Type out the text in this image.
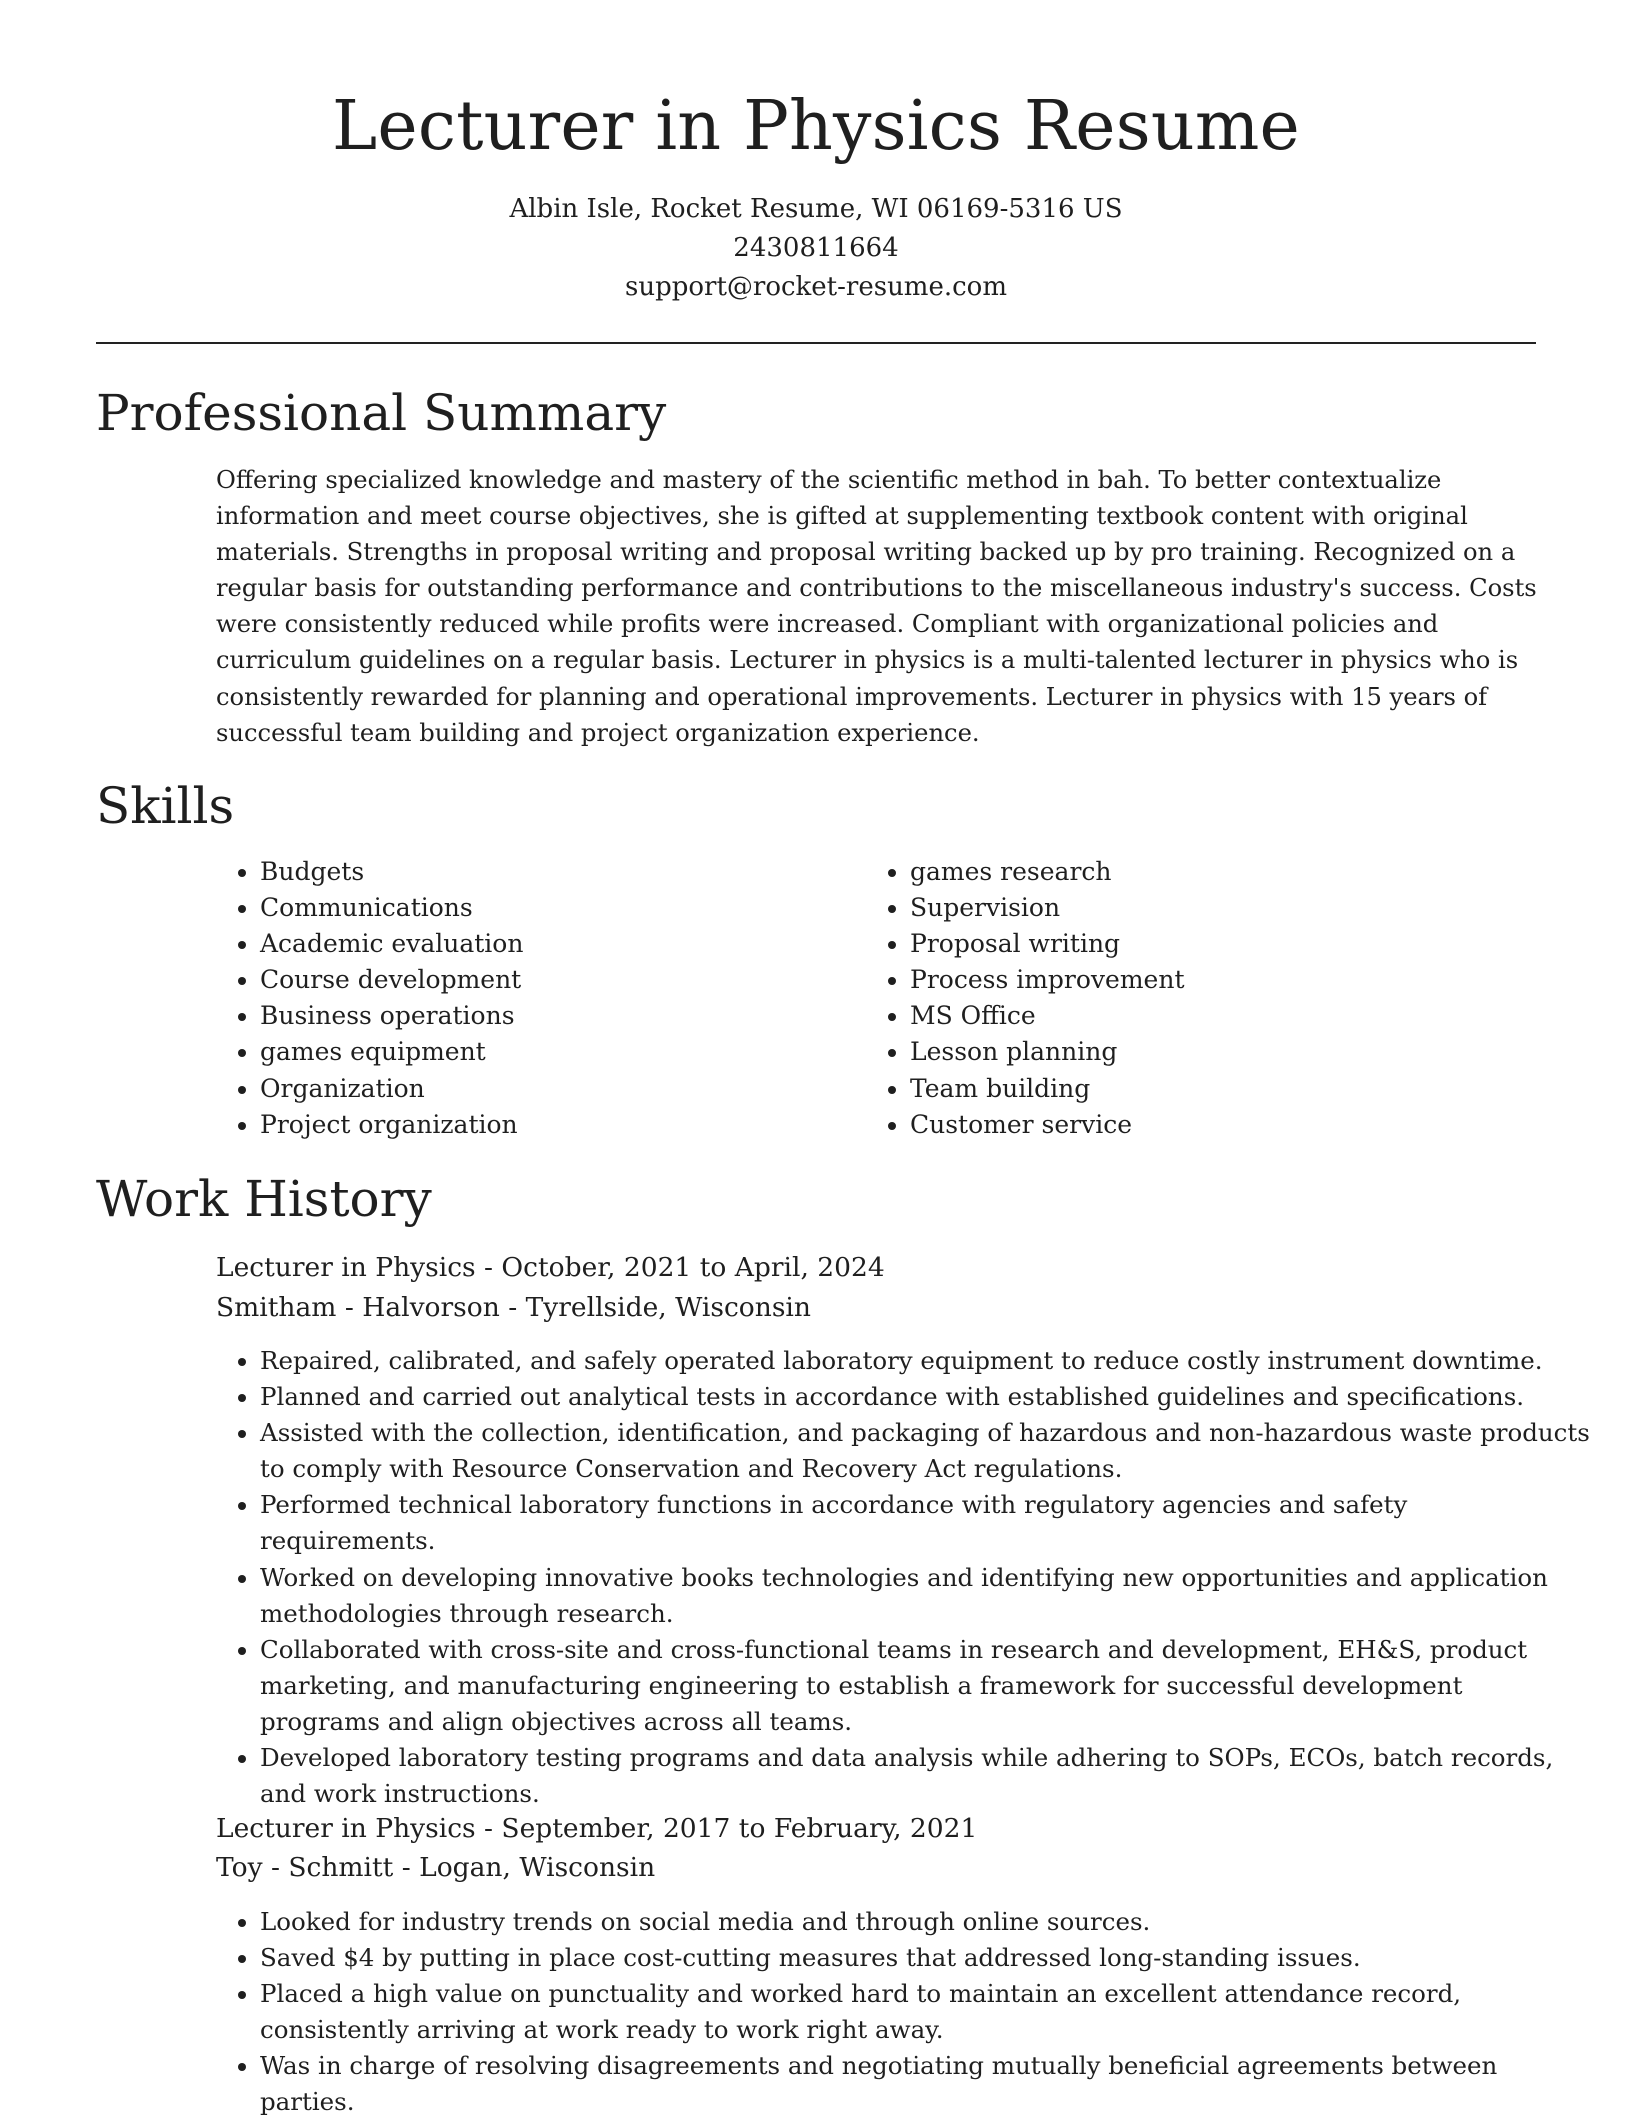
Lecturer in Physics Resume
Albin Isle, Rocket Resume, WI 06169-5316 US
2430811664
support@rocket-resume.com
Professional Summary

Offering specialized knowledge and mastery of the scientific method in bah. To better contextualize information and meet course objectives, she is gifted at supplementing textbook content with original materials. Strengths in proposal writing and proposal writing backed up by pro training. Recognized on a regular basis for outstanding performance and contributions to the miscellaneous industry's success. Costs were consistently reduced while profits were increased. Compliant with organizational policies and curriculum guidelines on a regular basis. Lecturer in physics is a multi-talented lecturer in physics who is consistently rewarded for planning and operational improvements. Lecturer in physics with 15 years of successful team building and project organization experience.

Skills
• Budgets
• Communications
• Academic evaluation
• Course development
• Business operations
• games equipment
• Organization
• Project organization
• games research
• Supervision
• Proposal writing
• Process improvement
• MS Office
• Lesson planning
• Team building
• Customer service
Work History
Lecturer in Physics - October, 2021 to April, 2024
Smitham - Halvorson - Tyrellside, Wisconsin
• Repaired, calibrated, and safely operated laboratory equipment to reduce costly instrument downtime.
• Planned and carried out analytical tests in accordance with established guidelines and specifications.
• Assisted with the collection, identification, and packaging of hazardous and non-hazardous waste products to comply with Resource Conservation and Recovery Act regulations.
• Performed technical laboratory functions in accordance with regulatory agencies and safety requirements.
• Worked on developing innovative books technologies and identifying new opportunities and application methodologies through research.
• Collaborated with cross-site and cross-functional teams in research and development, EH&S, product marketing, and manufacturing engineering to establish a framework for successful development programs and align objectives across all teams.
• Developed laboratory testing programs and data analysis while adhering to SOPs, ECOs, batch records, and work instructions.
Lecturer in Physics - September, 2017 to February, 2021
Toy - Schmitt - Logan, Wisconsin
• Looked for industry trends on social media and through online sources.
• Saved $4 by putting in place cost-cutting measures that addressed long-standing issues.
• Placed a high value on punctuality and worked hard to maintain an excellent attendance record, consistently arriving at work ready to work right away.
• Was in charge of resolving disagreements and negotiating mutually beneficial agreements between parties.
